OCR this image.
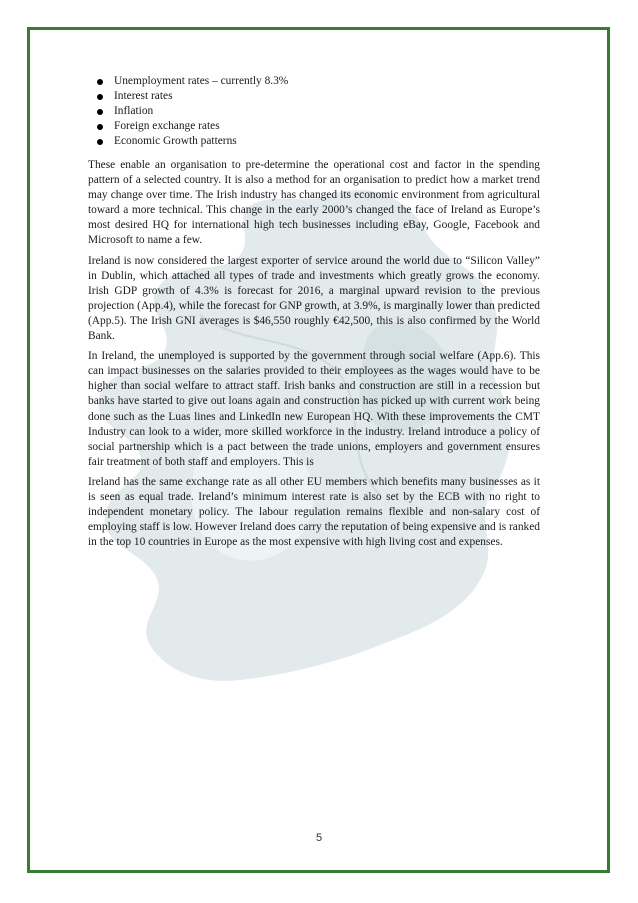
Unemployment rates – currently 8.3%
Interest rates
Inflation
Foreign exchange rates
Economic Growth patterns

These enable an organisation to pre-determine the operational cost and factor in the spending pattern of a selected country. It is also a method for an organisation to predict how a market trend may change over time. The Irish industry has changed its economic environment from agricultural toward a more technical. This change in the early 2000’s changed the face of Ireland as Europe’s most desired HQ for international high tech businesses including eBay, Google, Facebook and Microsoft to name a few.

Ireland is now considered the largest exporter of service around the world due to “Silicon Valley” in Dublin, which attached all types of trade and investments which greatly grows the economy. Irish GDP growth of 4.3% is forecast for 2016, a marginal upward revision to the previous projection (App.4), while the forecast for GNP growth, at 3.9%, is marginally lower than predicted (App.5). The Irish GNI averages is $46,550 roughly €42,500, this is also confirmed by the World Bank.

In Ireland, the unemployed is supported by the government through social welfare (App.6). This can impact businesses on the salaries provided to their employees as the wages would have to be higher than social welfare to attract staff. Irish banks and construction are still in a recession but banks have started to give out loans again and construction has picked up with current work being done such as the Luas lines and LinkedIn new European HQ. With these improvements the CMT Industry can look to a wider, more skilled workforce in the industry. Ireland introduce a policy of social partnership which is a pact between the trade unions, employers and government ensures fair treatment of both staff and employers. This is

Ireland has the same exchange rate as all other EU members which benefits many businesses as it is seen as equal trade. Ireland’s minimum interest rate is also set by the ECB with no right to independent monetary policy. The labour regulation remains flexible and non-salary cost of employing staff is low. However Ireland does carry the reputation of being expensive and is ranked in the top 10 countries in Europe as the most expensive with high living cost and expenses.

5
